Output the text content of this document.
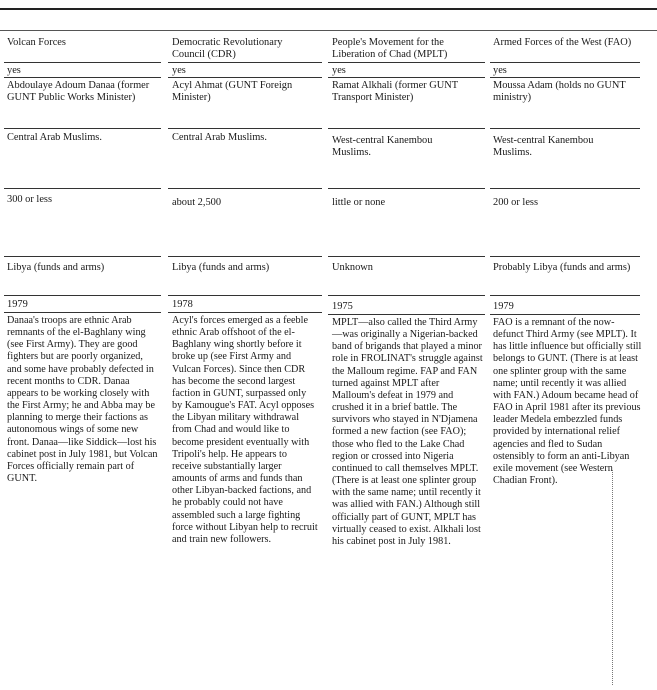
Volcan Forces
yes
Abdoulaye Adoum Danaa (former GUNT Public Works Minister)
Central Arab Muslims.
300 or less
Libya (funds and arms)
1979
Danaa's troops are ethnic Arab remnants of the el-Baghlany wing (see First Army). They are good fighters but are poorly organized, and some have probably defected in recent months to CDR. Danaa appears to be working closely with the First Army; he and Abba may be planning to merge their factions as autonomous wings of some new front. Danaa—like Siddick—lost his cabinet post in July 1981, but Volcan Forces officially remain part of GUNT.
Democratic Revolutionary Council (CDR)
yes
Acyl Ahmat (GUNT Foreign Minister)
Central Arab Muslims.
about 2,500
Libya (funds and arms)
1978
Acyl's forces emerged as a feeble ethnic Arab offshoot of the el-Baghlany wing shortly before it broke up (see First Army and Vulcan Forces). Since then CDR has become the second largest faction in GUNT, surpassed only by Kamougue's FAT. Acyl opposes the Libyan military withdrawal from Chad and would like to become president eventually with Tripoli's help. He appears to receive substantially larger amounts of arms and funds than other Libyan-backed factions, and he probably could not have assembled such a large fighting force without Libyan help to recruit and train new followers.
People's Movement for the Liberation of Chad (MPLT)
yes
Ramat Alkhali (former GUNT Transport Minister)
West-central Kanembou Muslims.
little or none
Unknown
1975
MPLT—also called the Third Army—was originally a Nigerian-backed band of brigands that played a minor role in FROLINAT's struggle against the Malloum regime. FAP and FAN turned against MPLT after Malloum's defeat in 1979 and crushed it in a brief battle. The survivors who stayed in N'Djamena formed a new faction (see FAO); those who fled to the Lake Chad region or crossed into Nigeria continued to call themselves MPLT. (There is at least one splinter group with the same name; until recently it was allied with FAN.) Although still officially part of GUNT, MPLT has virtually ceased to exist. Alkhali lost his cabinet post in July 1981.
Armed Forces of the West (FAO)
yes
Moussa Adam (holds no GUNT ministry)
West-central Kanembou Muslims.
200 or less
Probably Libya (funds and arms)
1979
FAO is a remnant of the now-defunct Third Army (see MPLT). It has little influence but officially still belongs to GUNT. (There is at least one splinter group with the same name; until recently it was allied with FAN.) Adoum became head of FAO in April 1981 after its previous leader Medela embezzled funds provided by international relief agencies and fled to Sudan ostensibly to form an anti-Libyan exile movement (see Western Chadian Front).
